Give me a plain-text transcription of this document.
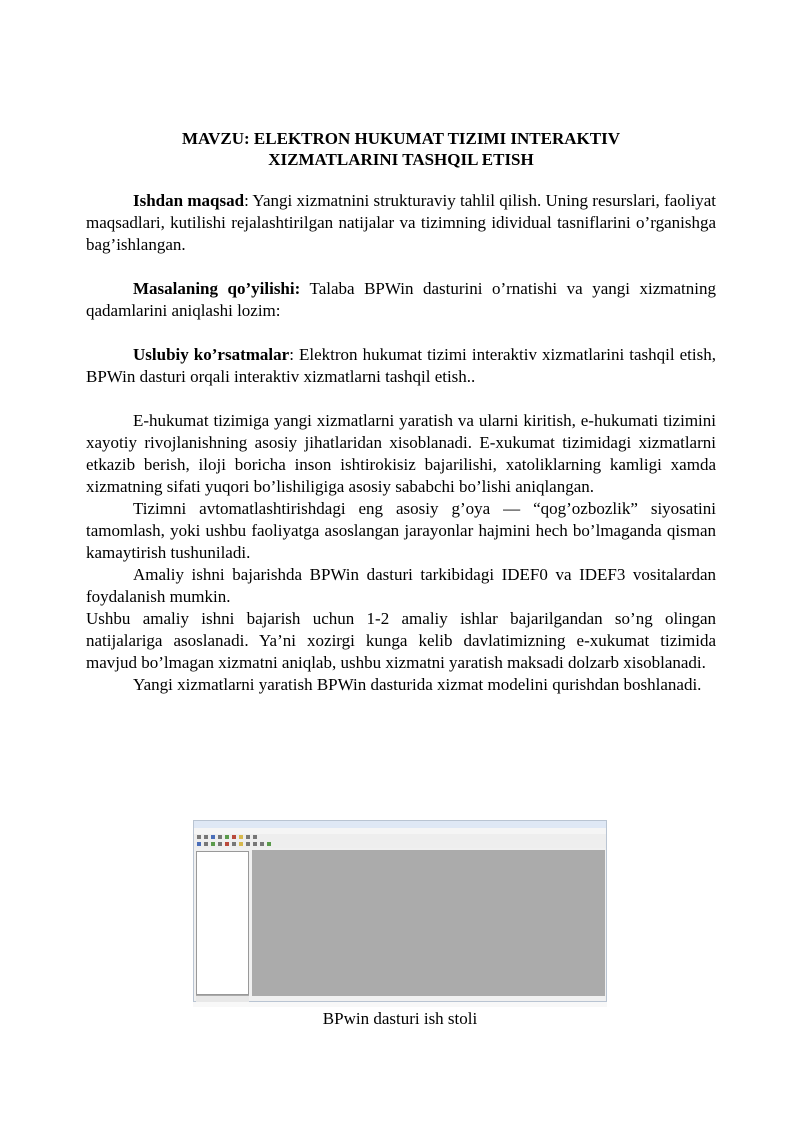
MAVZU: ELEKTRON HUKUMAT TIZIMI INTERAKTIV
XIZMATLARINI TASHQIL ETISH

Ishdan maqsad: Yangi xizmatnini strukturaviy tahlil qilish. Uning resurslari, faoliyat maqsadlari, kutilishi rejalashtirilgan natijalar va tizimning idividual tasniflarini o’rganishga bag’ishlangan.

Masalaning qo’yilishi: Talaba BPWin dasturini o’rnatishi va yangi xizmatning qadamlarini aniqlashi lozim:

Uslubiy ko’rsatmalar: Elektron hukumat tizimi interaktiv xizmatlarini tashqil etish, BPWin dasturi orqali interaktiv xizmatlarni tashqil etish..

E-hukumat tizimiga yangi xizmatlarni yaratish va ularni kiritish, e-hukumati tizimini xayotiy rivojlanishning asosiy jihatlaridan xisoblanadi. E-xukumat tizimidagi xizmatlarni etkazib berish, iloji boricha inson ishtirokisiz bajarilishi, xatoliklarning kamligi xamda xizmatning sifati yuqori bo’lishiligiga asosiy sababchi bo’lishi aniqlangan.

Tizimni avtomatlashtirishdagi eng asosiy g’oya — “qog’ozbozlik” siyosatini tamomlash, yoki ushbu faoliyatga asoslangan jarayonlar hajmini hech bo’lmaganda qisman kamaytirish tushuniladi.

Amaliy ishni bajarishda BPWin dasturi tarkibidagi IDEF0 va IDEF3 vositalardan foydalanish mumkin.

Ushbu amaliy ishni bajarish uchun 1-2 amaliy ishlar bajarilgandan so’ng olingan natijalariga asoslanadi. Ya’ni xozirgi kunga kelib davlatimizning e-xukumat tizimida mavjud bo’lmagan xizmatni aniqlab, ushbu xizmatni yaratish maksadi dolzarb xisoblanadi.

Yangi xizmatlarni yaratish BPWin dasturida xizmat modelini qurishdan boshlanadi.

BPwin dasturi ish stoli
